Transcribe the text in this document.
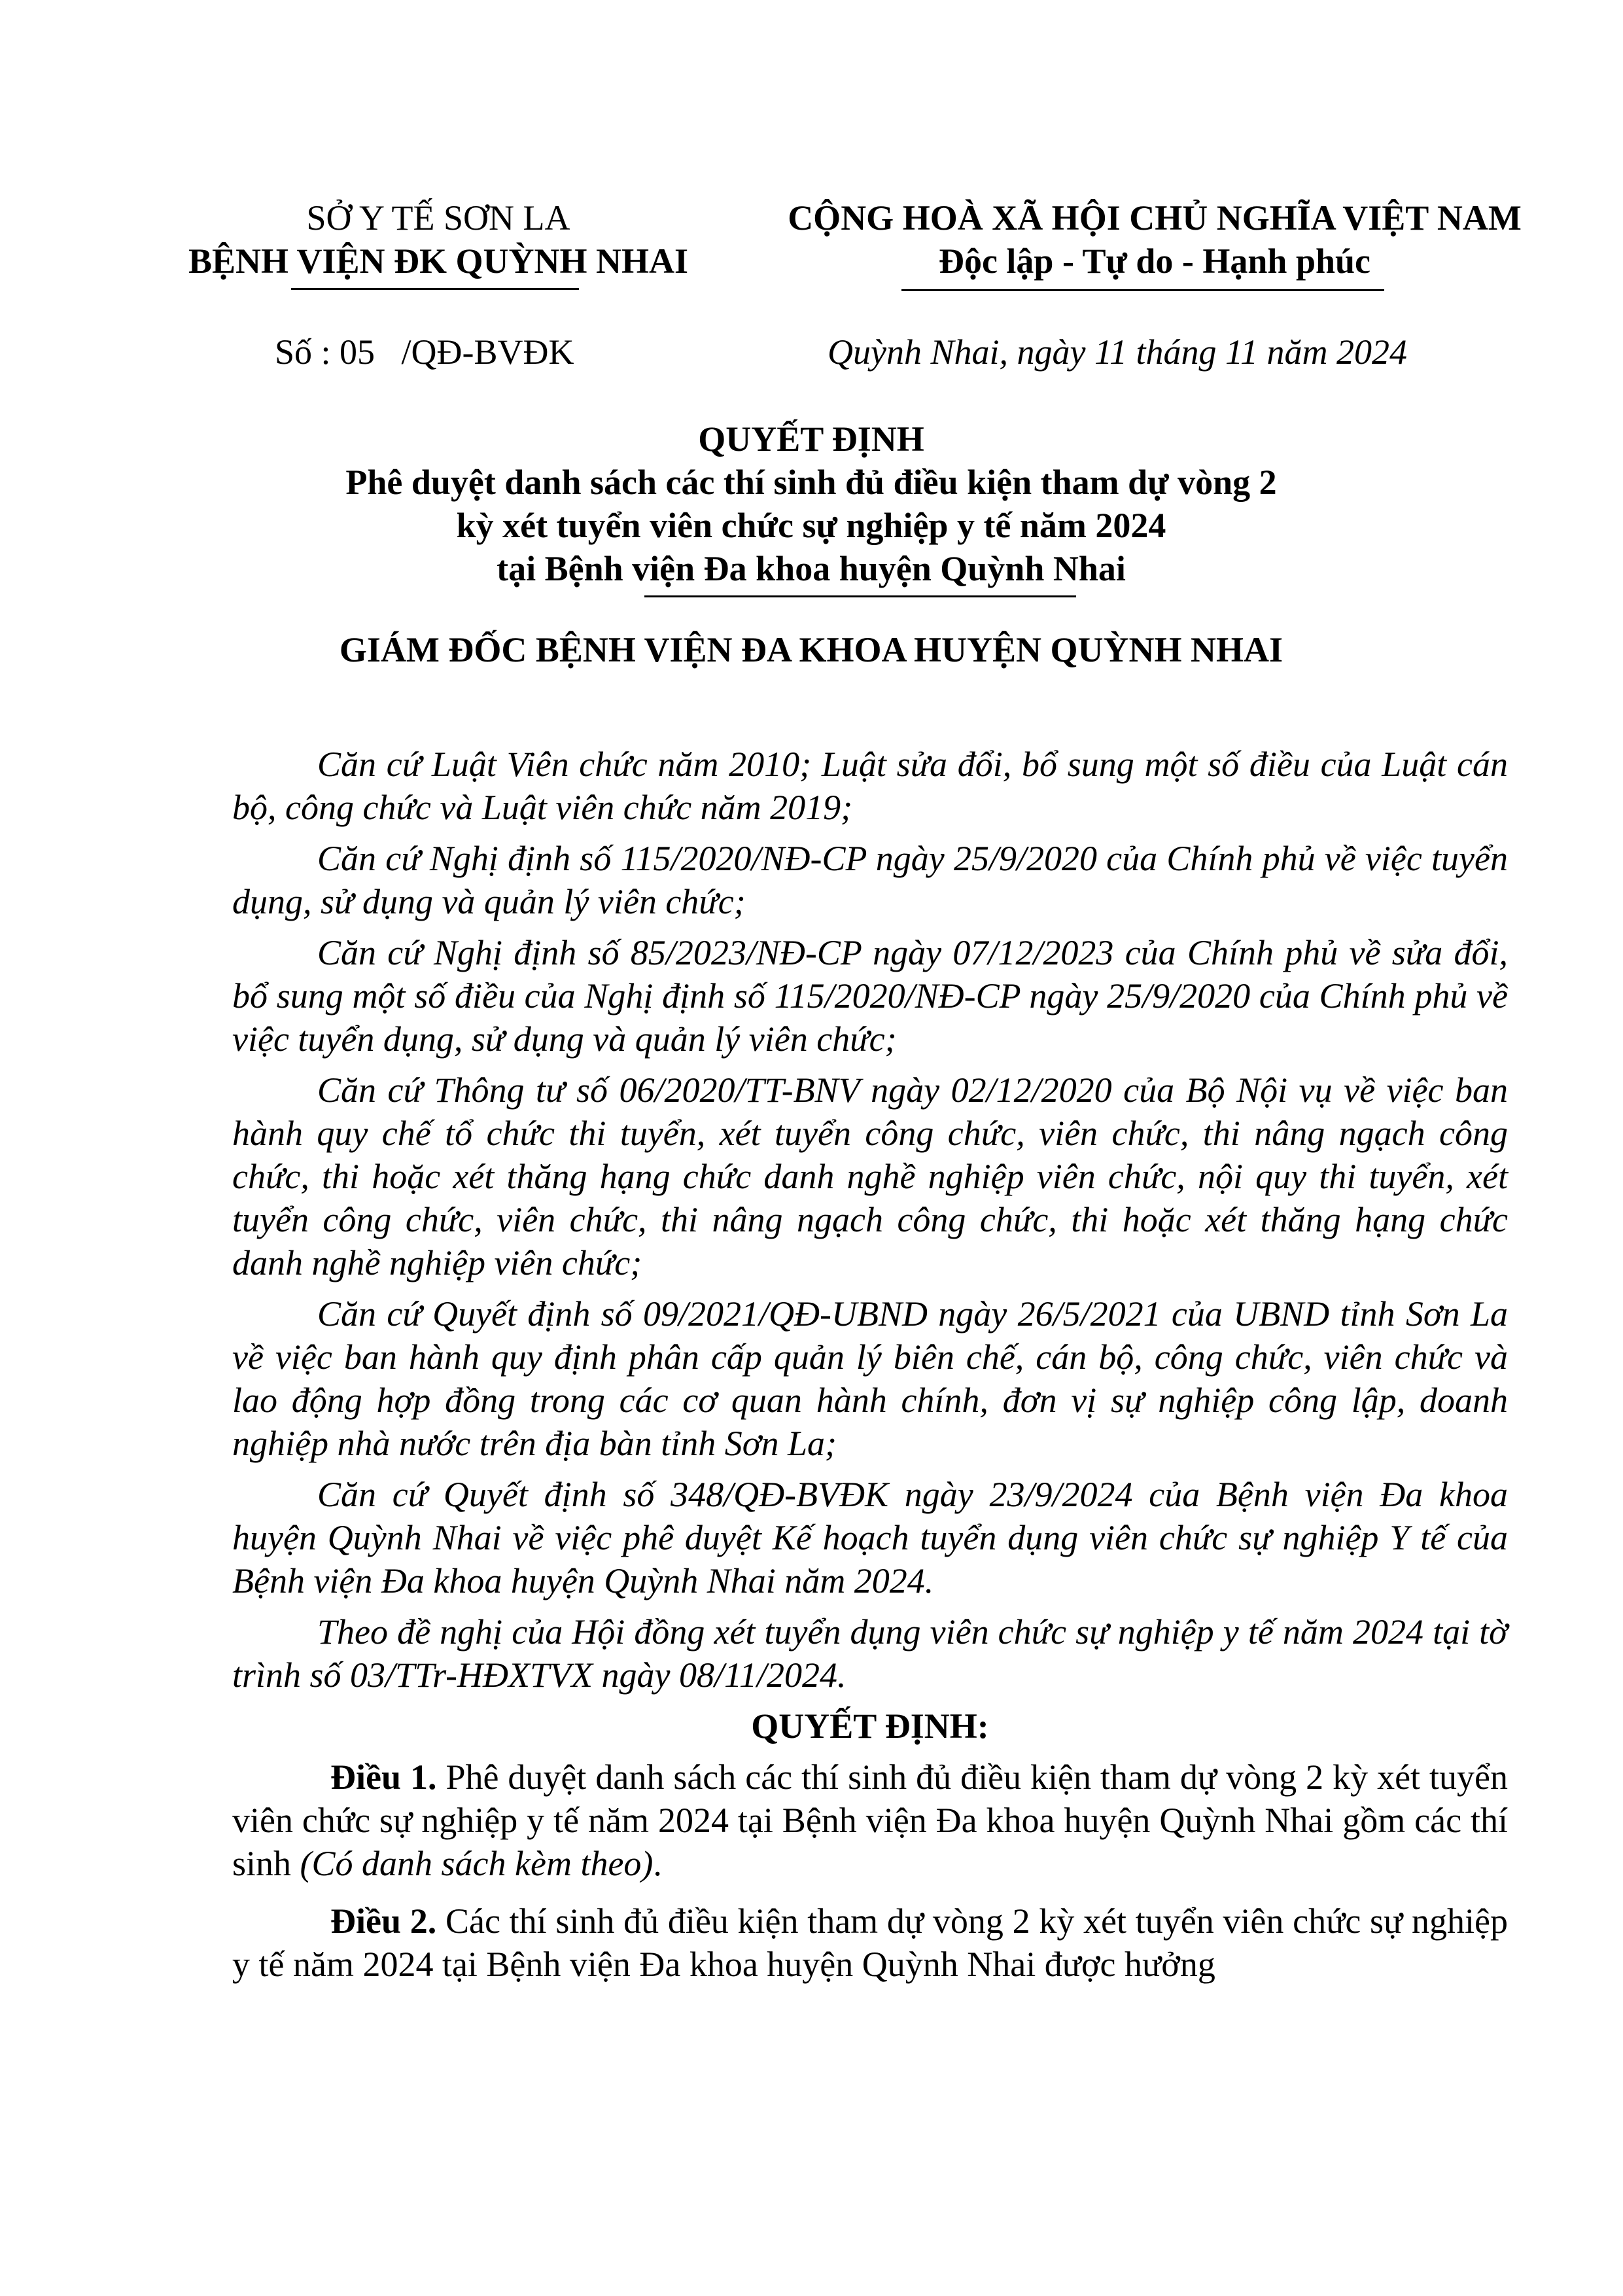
SỞ Y TẾ SƠN LA
BỆNH VIỆN ĐK QUỲNH NHAI
CỘNG HOÀ XÃ HỘI CHỦ NGHĨA VIỆT NAM
Độc lập - Tự do - Hạnh phúc
Số : 05   /QĐ-BVĐK	Quỳnh Nhai, ngày 11 tháng 11 năm 2024
QUYẾT ĐỊNH
Phê duyệt danh sách các thí sinh đủ điều kiện tham dự vòng 2
kỳ xét tuyển viên chức sự nghiệp y tế năm 2024
tại Bệnh viện Đa khoa huyện Quỳnh Nhai
GIÁM ĐỐC BỆNH VIỆN ĐA KHOA HUYỆN QUỲNH NHAI

Căn cứ Luật Viên chức năm 2010; Luật sửa đổi, bổ sung một số điều của Luật cán bộ, công chức và Luật viên chức năm 2019;

Căn cứ Nghị định số 115/2020/NĐ-CP ngày 25/9/2020 của Chính phủ về việc tuyển dụng, sử dụng và quản lý viên chức;

Căn cứ Nghị định số 85/2023/NĐ-CP ngày 07/12/2023 của Chính phủ về sửa đổi, bổ sung một số điều của Nghị định số 115/2020/NĐ-CP ngày 25/9/2020 của Chính phủ về việc tuyển dụng, sử dụng và quản lý viên chức;

Căn cứ Thông tư số 06/2020/TT-BNV ngày 02/12/2020 của Bộ Nội vụ về việc ban hành quy chế tổ chức thi tuyển, xét tuyển công chức, viên chức, thi nâng ngạch công chức, thi hoặc xét thăng hạng chức danh nghề nghiệp viên chức, nội quy thi tuyển, xét tuyển công chức, viên chức, thi nâng ngạch công chức, thi hoặc xét thăng hạng chức danh nghề nghiệp viên chức;

Căn cứ Quyết định số 09/2021/QĐ-UBND ngày 26/5/2021 của UBND tỉnh Sơn La về việc ban hành quy định phân cấp quản lý biên chế, cán bộ, công chức, viên chức và lao động hợp đồng trong các cơ quan hành chính, đơn vị sự nghiệp công lập, doanh nghiệp nhà nước trên địa bàn tỉnh Sơn La;

Căn cứ Quyết định số 348/QĐ-BVĐK ngày 23/9/2024 của Bệnh viện Đa khoa huyện Quỳnh Nhai về việc phê duyệt Kế hoạch tuyển dụng viên chức sự nghiệp Y tế của Bệnh viện Đa khoa huyện Quỳnh Nhai năm 2024.

Theo đề nghị của Hội đồng xét tuyển dụng viên chức sự nghiệp y tế năm 2024 tại tờ trình số 03/TTr-HĐXTVX ngày 08/11/2024.

QUYẾT ĐỊNH:

Điều 1. Phê duyệt danh sách các thí sinh đủ điều kiện tham dự vòng 2 kỳ xét tuyển viên chức sự nghiệp y tế năm 2024 tại Bệnh viện Đa khoa huyện Quỳnh Nhai gồm các thí sinh (Có danh sách kèm theo).

Điều 2. Các thí sinh đủ điều kiện tham dự vòng 2 kỳ xét tuyển viên chức sự nghiệp y tế năm 2024 tại Bệnh viện Đa khoa huyện Quỳnh Nhai được hưởng
